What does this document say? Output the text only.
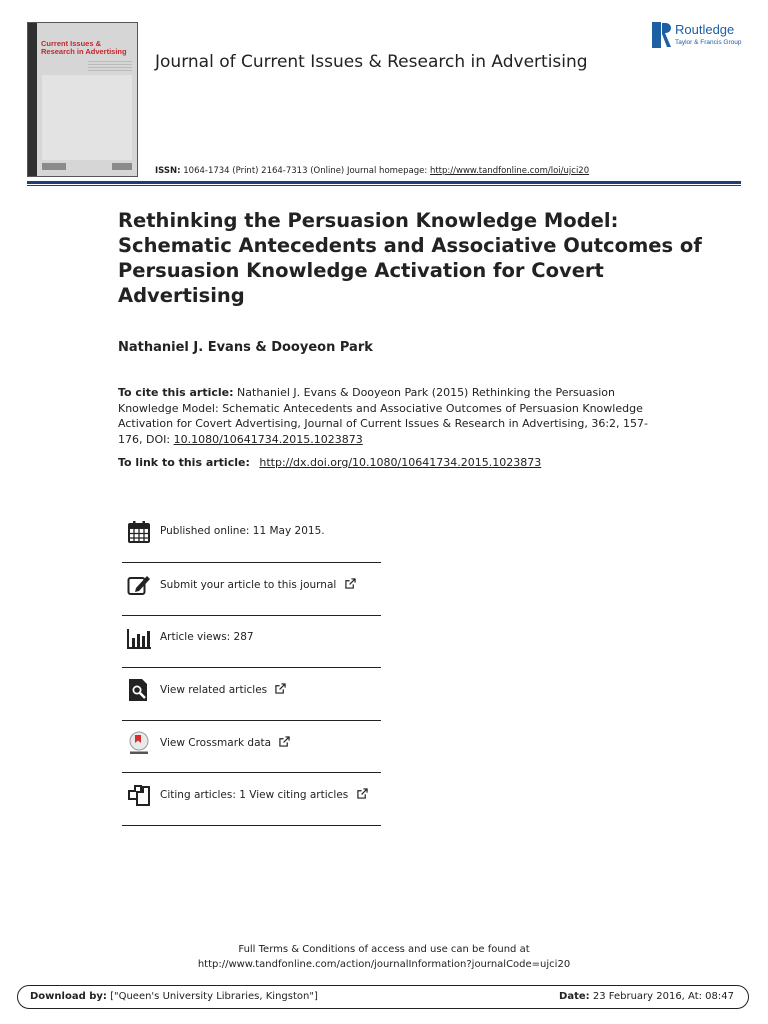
Current Issues & Research in Advertising
Journal of Current Issues & Research in Advertising
Routledge
Taylor & Francis Group
ISSN: 1064-1734 (Print) 2164-7313 (Online) Journal homepage: http://www.tandfonline.com/loi/ujci20
Rethinking the Persuasion Knowledge Model: Schematic Antecedents and Associative Outcomes of Persuasion Knowledge Activation for Covert Advertising
Nathaniel J. Evans & Dooyeon Park
To cite this article: Nathaniel J. Evans & Dooyeon Park (2015) Rethinking the Persuasion Knowledge Model: Schematic Antecedents and Associative Outcomes of Persuasion Knowledge Activation for Covert Advertising, Journal of Current Issues & Research in Advertising, 36:2, 157-176, DOI: 10.1080/10641734.2015.1023873
To link to this article: http://dx.doi.org/10.1080/10641734.2015.1023873
Published online: 11 May 2015.
Submit your article to this journal
Article views: 287
View related articles
View Crossmark data
Citing articles: 1 View citing articles
Full Terms & Conditions of access and use can be found at
http://www.tandfonline.com/action/journalInformation?journalCode=ujci20
Download by: ["Queen's University Libraries, Kingston"]	Date: 23 February 2016, At: 08:47
